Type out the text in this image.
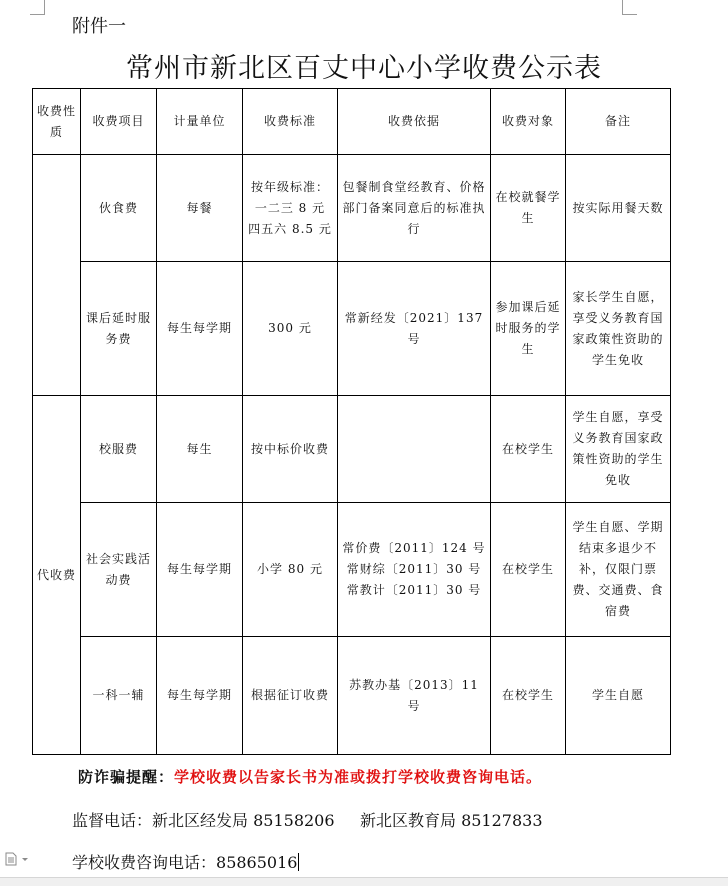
附件一
常州市新北区百丈中心小学收费公示表
收费性质	收费项目	计量单位	收费标准	收费依据	收费对象	备注
	伙食费	每餐	按年级标准：一二三 8 元 四五六 8.5 元	包餐制食堂经教育、价格部门备案同意后的标准执行	在校就餐学生	按实际用餐天数
	课后延时服务费	每生每学期	300 元	常新经发〔2021〕137 号	参加课后延时服务的学生	家长学生自愿，享受义务教育国家政策性资助的学生免收
代收费	校服费	每生	按中标价收费		在校学生	学生自愿，享受义务教育国家政策性资助的学生免收
	社会实践活动费	每生每学期	小学 80 元	常价费〔2011〕124 号 常财综〔2011〕30 号 常教计〔2011〕30 号	在校学生	学生自愿、学期结束多退少不补，仅限门票费、交通费、食宿费
	一科一辅	每生每学期	根据征订收费	苏教办基〔2013〕11 号	在校学生	学生自愿
防诈骗提醒：学校收费以告家长书为准或拨打学校收费咨询电话。
监督电话：新北区经发局 85158206 新北区教育局 85127833
学校收费咨询电话：85865016
